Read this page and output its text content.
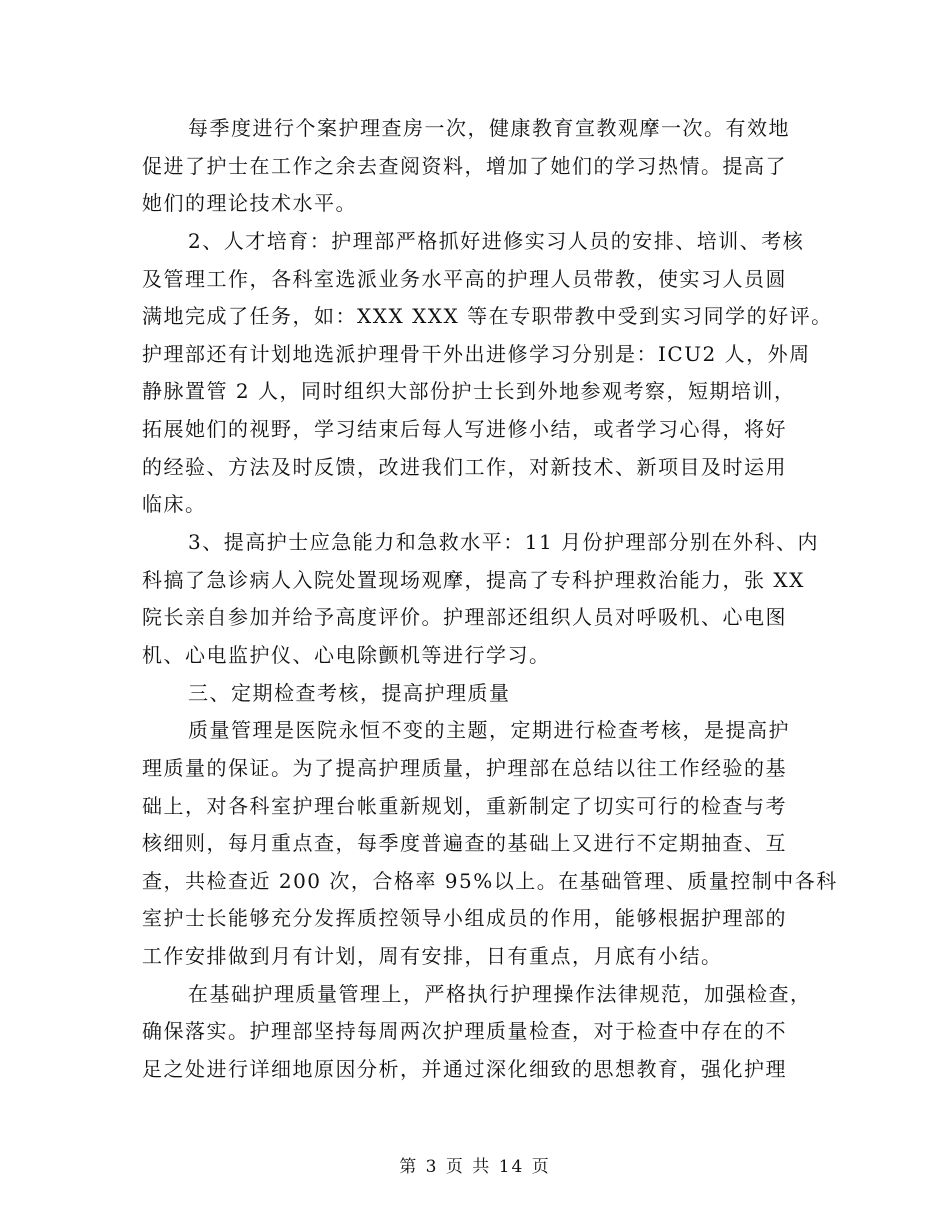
每季度进行个案护理查房一次，健康教育宣教观摩一次。有效地
促进了护士在工作之余去查阅资料，增加了她们的学习热情。提高了
她们的理论技术水平。
2、人才培育：护理部严格抓好进修实习人员的安排、培训、考核
及管理工作，各科室选派业务水平高的护理人员带教，使实习人员圆
满地完成了任务，如：XXX XXX 等在专职带教中受到实习同学的好评。
护理部还有计划地选派护理骨干外出进修学习分别是：ICU2 人，外周
静脉置管 2 人，同时组织大部份护士长到外地参观考察，短期培训，
拓展她们的视野，学习结束后每人写进修小结，或者学习心得，将好
的经验、方法及时反馈，改进我们工作，对新技术、新项目及时运用
临床。
3、提高护士应急能力和急救水平：11 月份护理部分别在外科、内
科搞了急诊病人入院处置现场观摩，提高了专科护理救治能力，张 XX
院长亲自参加并给予高度评价。护理部还组织人员对呼吸机、心电图
机、心电监护仪、心电除颤机等进行学习。
三、定期检查考核，提高护理质量
质量管理是医院永恒不变的主题，定期进行检查考核，是提高护
理质量的保证。为了提高护理质量，护理部在总结以往工作经验的基
础上，对各科室护理台帐重新规划，重新制定了切实可行的检查与考
核细则，每月重点查，每季度普遍查的基础上又进行不定期抽查、互
查，共检查近 200 次，合格率 95%以上。在基础管理、质量控制中各科
室护士长能够充分发挥质控领导小组成员的作用，能够根据护理部的
工作安排做到月有计划，周有安排，日有重点，月底有小结。
在基础护理质量管理上，严格执行护理操作法律规范，加强检查，
确保落实。护理部坚持每周两次护理质量检查，对于检查中存在的不
足之处进行详细地原因分析，并通过深化细致的思想教育，强化护理
第 3 页 共 14 页
